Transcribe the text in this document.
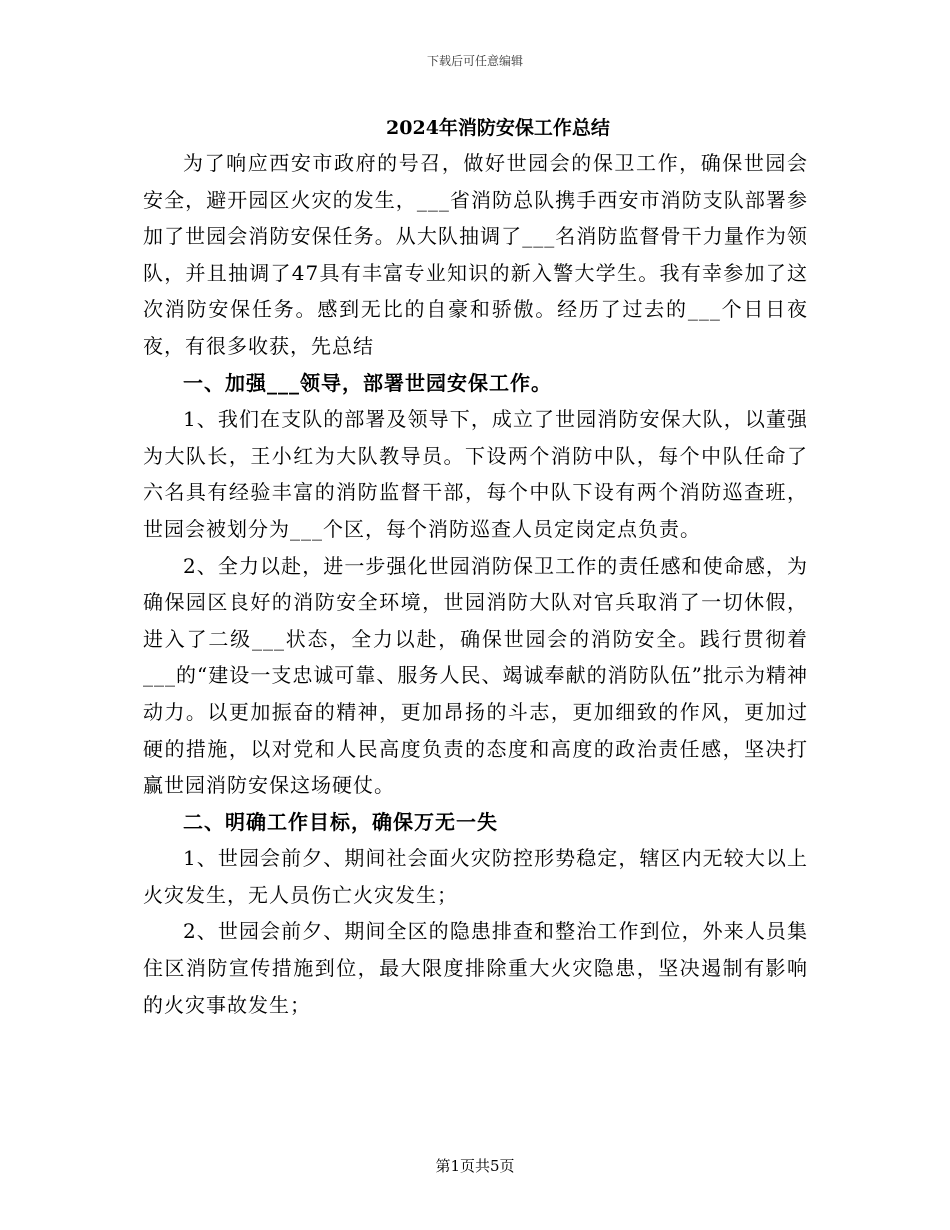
下载后可任意编辑
2024年消防安保工作总结

为了响应西安市政府的号召，做好世园会的保卫工作，确保世园会安全，避开园区火灾的发生，___省消防总队携手西安市消防支队部署参加了世园会消防安保任务。从大队抽调了___名消防监督骨干力量作为领队，并且抽调了47具有丰富专业知识的新入警大学生。我有幸参加了这次消防安保任务。感到无比的自豪和骄傲。经历了过去的___个日日夜夜，有很多收获，先总结

一、加强___领导，部署世园安保工作。

1、我们在支队的部署及领导下，成立了世园消防安保大队，以董强为大队长，王小红为大队教导员。下设两个消防中队，每个中队任命了六名具有经验丰富的消防监督干部，每个中队下设有两个消防巡查班，世园会被划分为___个区，每个消防巡查人员定岗定点负责。

2、全力以赴，进一步强化世园消防保卫工作的责任感和使命感，为确保园区良好的消防安全环境，世园消防大队对官兵取消了一切休假，进入了二级___状态，全力以赴，确保世园会的消防安全。践行贯彻着___的“建设一支忠诚可靠、服务人民、竭诚奉献的消防队伍”批示为精神动力。以更加振奋的精神，更加昂扬的斗志，更加细致的作风，更加过硬的措施，以对党和人民高度负责的态度和高度的政治责任感，坚决打赢世园消防安保这场硬仗。

二、明确工作目标，确保万无一失

1、世园会前夕、期间社会面火灾防控形势稳定，辖区内无较大以上火灾发生，无人员伤亡火灾发生；

2、世园会前夕、期间全区的隐患排查和整治工作到位，外来人员集住区消防宣传措施到位，最大限度排除重大火灾隐患，坚决遏制有影响的火灾事故发生；

第1页共5页
